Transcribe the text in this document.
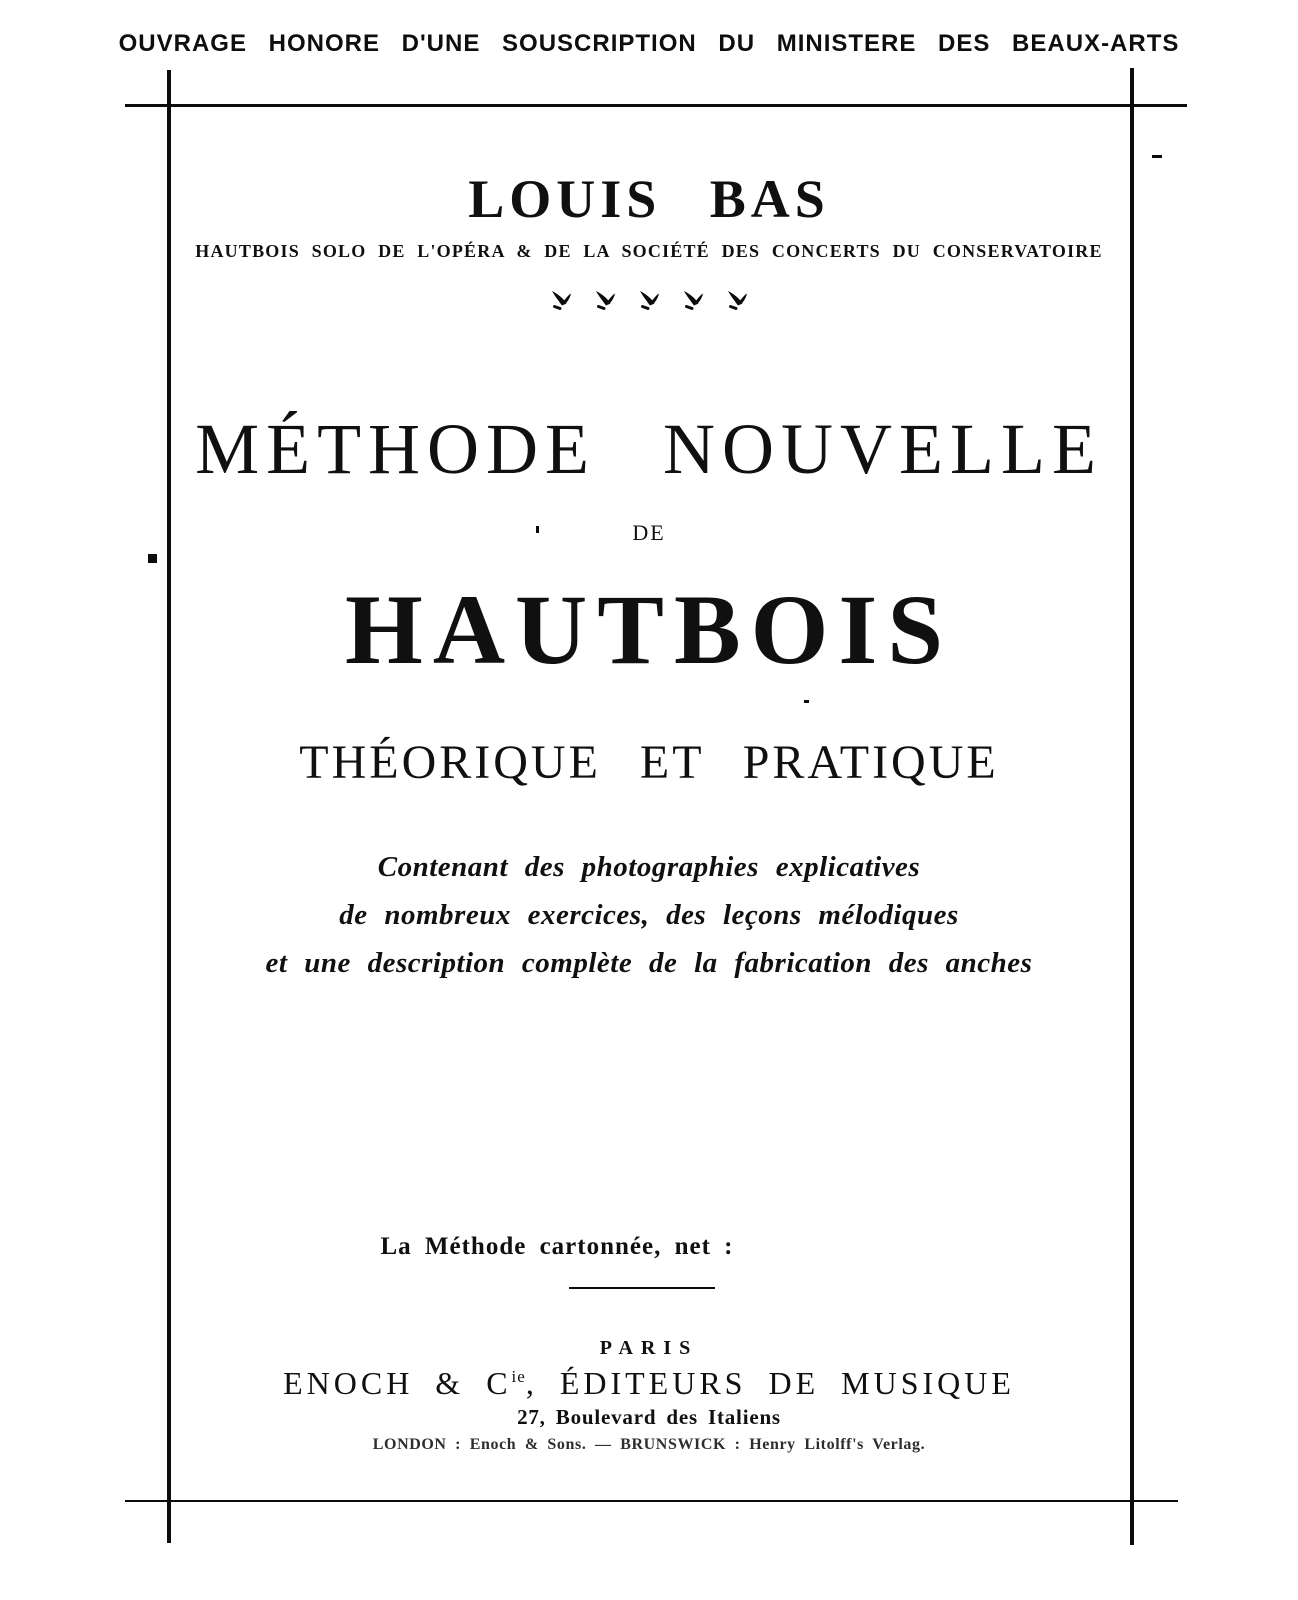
OUVRAGE HONORE D'UNE SOUSCRIPTION DU MINISTERE DES BEAUX-ARTS
LOUIS BAS
HAUTBOIS SOLO DE L'OPÉRA & DE LA SOCIÉTÉ DES CONCERTS DU CONSERVATOIRE

MÉTHODE NOUVELLE
DE
HAUTBOIS
THÉORIQUE ET PRATIQUE
Contenant des photographies explicatives
de nombreux exercices, des leçons mélodiques
et une description complète de la fabrication des anches
La Méthode cartonnée, net :
PARIS
ENOCH & $C^{ie}$, ÉDITEURS DE MUSIQUE
27, Boulevard des Italiens
LONDON : Enoch & Sons. — BRUNSWICK : Henry Litolff's Verlag.
